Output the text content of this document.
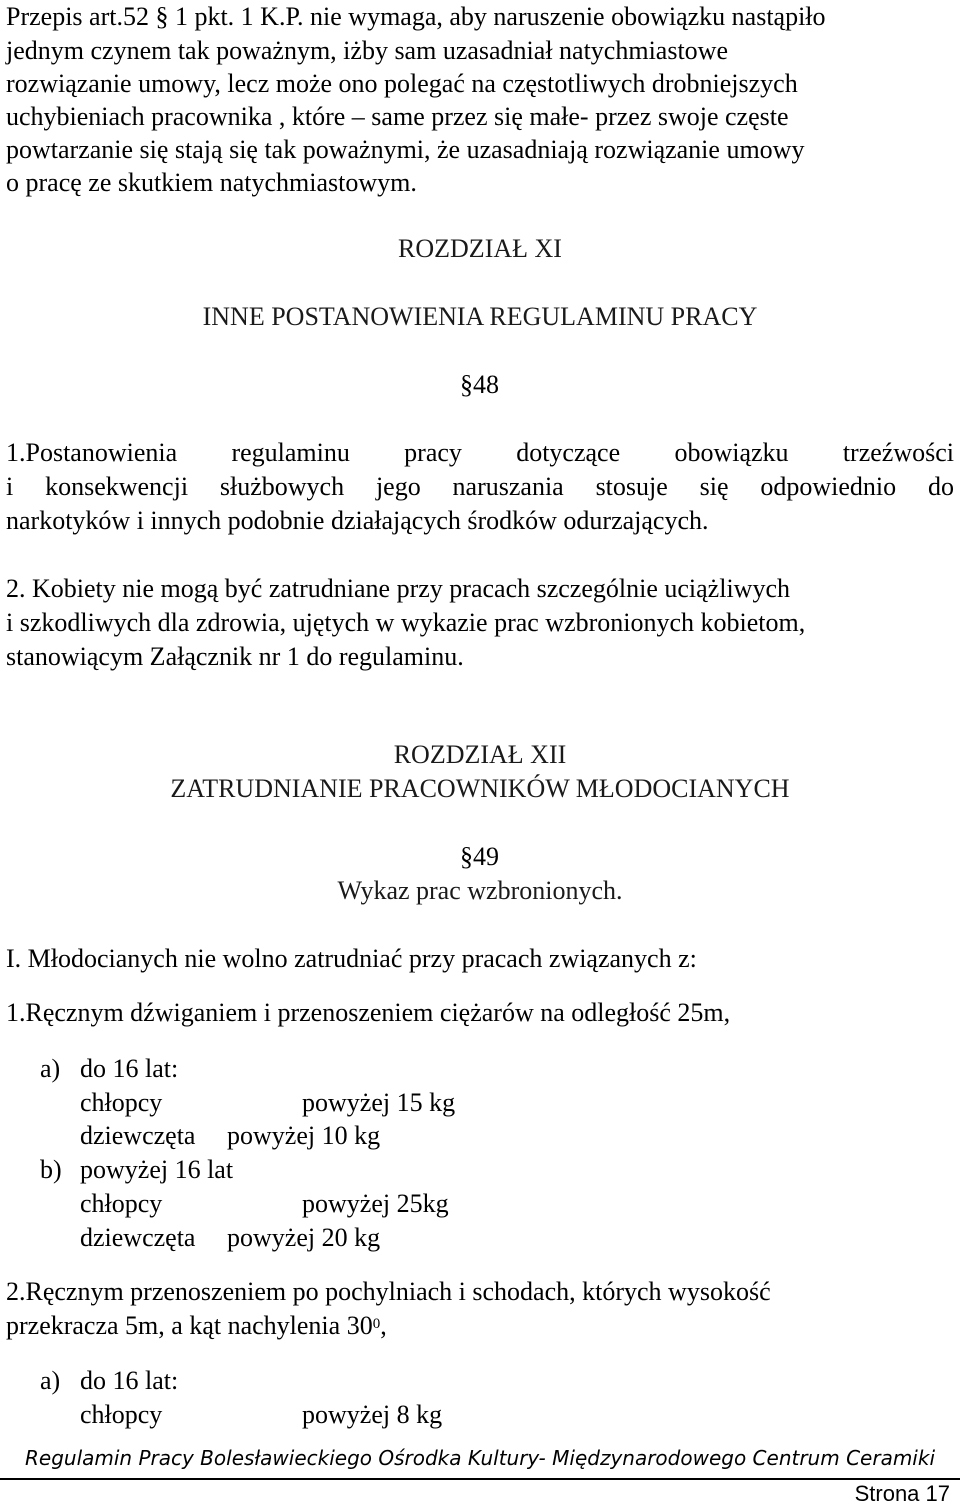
Przepis art.52 § 1 pkt. 1 K.P. nie wymaga, aby naruszenie obowiązku nastąpiło
jednym czynem tak poważnym, iżby sam uzasadniał natychmiastowe
rozwiązanie umowy, lecz może ono polegać na częstotliwych drobniejszych
uchybieniach pracownika , które – same przez się małe- przez swoje częste
powtarzanie się stają się tak poważnymi, że uzasadniają rozwiązanie umowy
o pracę ze skutkiem natychmiastowym.
ROZDZIAŁ XI
INNE POSTANOWIENIA REGULAMINU PRACY
§48
1.Postanowienia regulaminu pracy dotyczące obowiązku trzeźwości
i konsekwencji służbowych jego naruszania stosuje się odpowiednio do
narkotyków i innych podobnie działających środków odurzających.
2. Kobiety nie mogą być zatrudniane przy pracach szczególnie uciążliwych
i szkodliwych dla zdrowia, ujętych w wykazie prac wzbronionych kobietom,
stanowiącym Załącznik nr 1 do regulaminu.
ROZDZIAŁ XII
ZATRUDNIANIE PRACOWNIKÓW MŁODOCIANYCH
§49
Wykaz prac wzbronionych.
I. Młodocianych nie wolno zatrudniać przy pracach związanych z:
1.Ręcznym dźwiganiem i przenoszeniem ciężarów na odległość 25m,
a) do 16 lat:
chłopcy	powyżej 15 kg
dziewczęta powyżej 10 kg
b) powyżej 16 lat
chłopcy	powyżej 25kg
dziewczęta powyżej 20 kg
2.Ręcznym przenoszeniem po pochylniach i schodach, których wysokość
przekracza 5m, a kąt nachylenia $30^0$,
a) do 16 lat:
chłopcy	powyżej 8 kg
Regulamin Pracy Bolesławieckiego Ośrodka Kultury- Międzynarodowego Centrum Ceramiki
Strona 17
